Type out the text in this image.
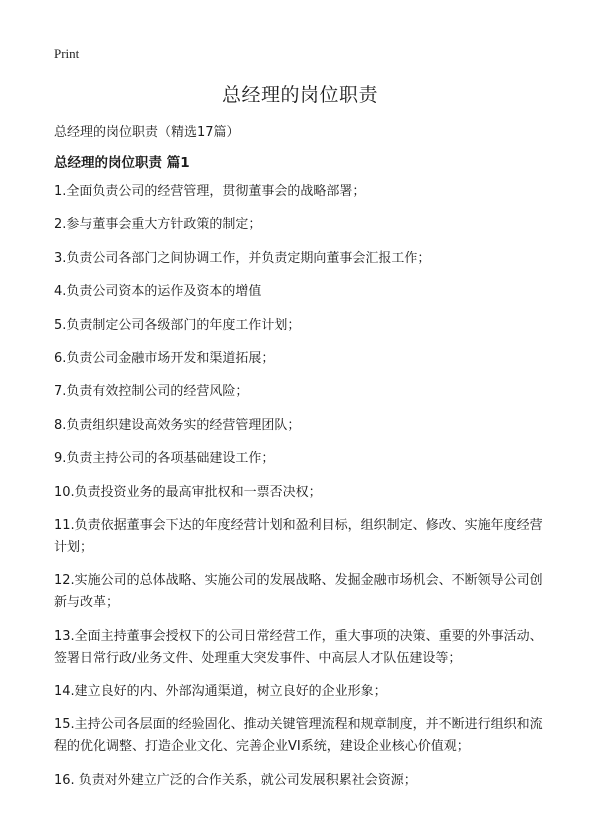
Print
总经理的岗位职责

总经理的岗位职责（精选17篇）

总经理的岗位职责 篇1
1.全面负责公司的经营管理，贯彻董事会的战略部署；
2.参与董事会重大方针政策的制定；
3.负责公司各部门之间协调工作，并负责定期向董事会汇报工作；
4.负责公司资本的运作及资本的增值
5.负责制定公司各级部门的年度工作计划；
6.负责公司金融市场开发和渠道拓展；
7.负责有效控制公司的经营风险；
8.负责组织建设高效务实的经营管理团队；
9.负责主持公司的各项基础建设工作；
10.负责投资业务的最高审批权和一票否决权；
11.负责依据董事会下达的年度经营计划和盈利目标，组织制定、修改、实施年度经营计划；
12.实施公司的总体战略、实施公司的发展战略、发掘金融市场机会、不断领导公司创新与改革；
13.全面主持董事会授权下的公司日常经营工作，重大事项的决策、重要的外事活动、签署日常行政/业务文件、处理重大突发事件、中高层人才队伍建设等；
14.建立良好的内、外部沟通渠道，树立良好的企业形象；
15.主持公司各层面的经验固化、推动关键管理流程和规章制度，并不断进行组织和流程的优化调整、打造企业文化、完善企业VI系统，建设企业核心价值观；
16. 负责对外建立广泛的合作关系，就公司发展积累社会资源；
